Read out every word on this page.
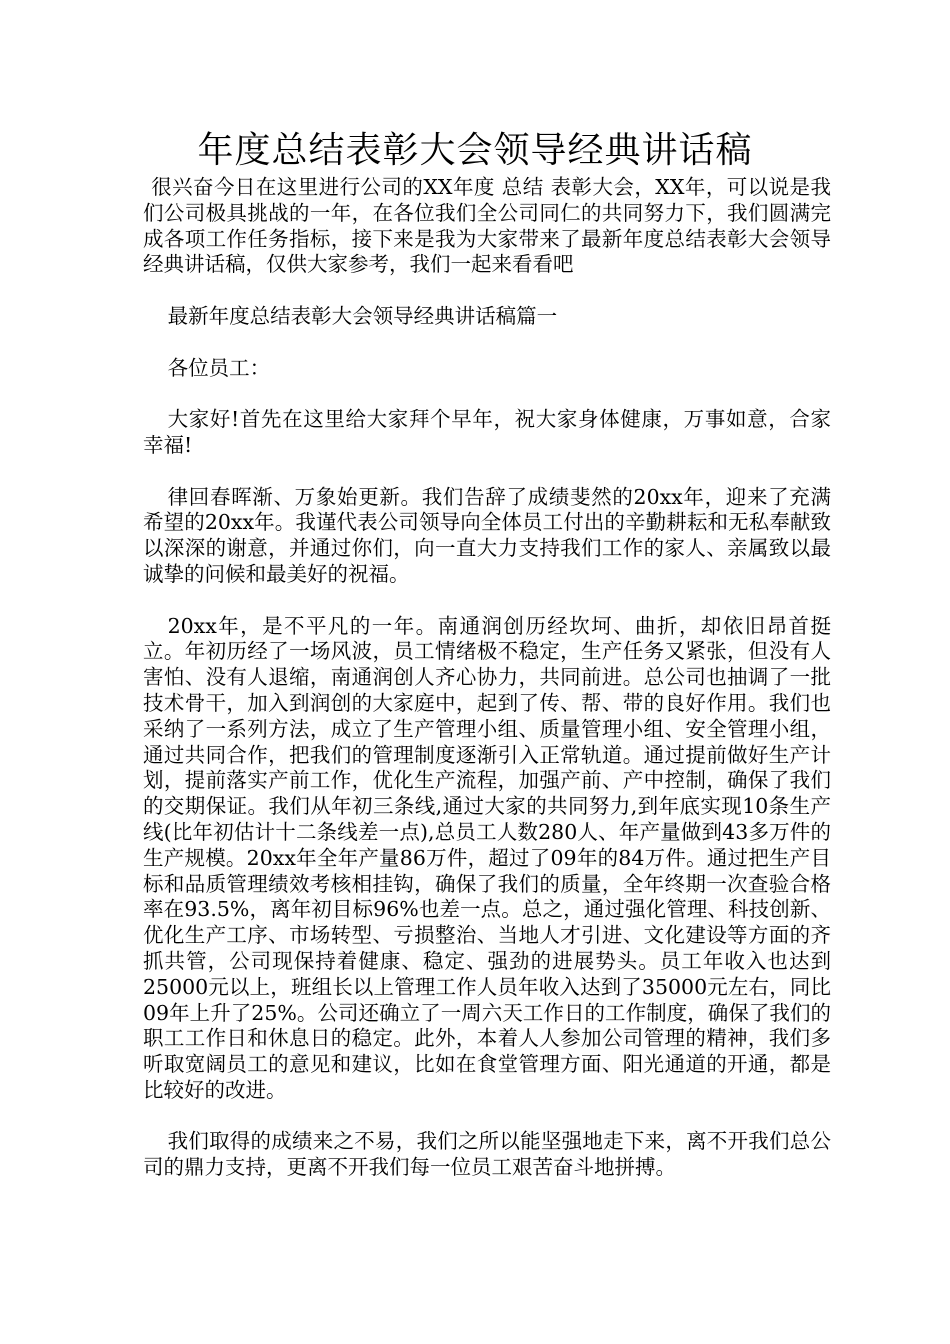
年度总结表彰大会领导经典讲话稿

很兴奋今日在这里进行公司的XX年度 总结 表彰大会，XX年，可以说是我们公司极具挑战的一年，在各位我们全公司同仁的共同努力下，我们圆满完成各项工作任务指标，接下来是我为大家带来了最新年度总结表彰大会领导经典讲话稿，仅供大家参考，我们一起来看看吧

最新年度总结表彰大会领导经典讲话稿篇一

各位员工：

大家好!首先在这里给大家拜个早年，祝大家身体健康，万事如意，合家幸福!

律回春晖渐、万象始更新。我们告辞了成绩斐然的20xx年，迎来了充满希望的20xx年。我谨代表公司领导向全体员工付出的辛勤耕耘和无私奉献致以深深的谢意，并通过你们，向一直大力支持我们工作的家人、亲属致以最诚挚的问候和最美好的祝福。

20xx年，是不平凡的一年。南通润创历经坎坷、曲折，却依旧昂首挺立。年初历经了一场风波，员工情绪极不稳定，生产任务又紧张，但没有人害怕、没有人退缩，南通润创人齐心协力，共同前进。总公司也抽调了一批技术骨干，加入到润创的大家庭中，起到了传、帮、带的良好作用。我们也采纳了一系列方法，成立了生产管理小组、质量管理小组、安全管理小组，通过共同合作，把我们的管理制度逐渐引入正常轨道。通过提前做好生产计划，提前落实产前工作，优化生产流程，加强产前、产中控制，确保了我们的交期保证。我们从年初三条线,通过大家的共同努力,到年底实现10条生产线(比年初估计十二条线差一点),总员工人数280人、年产量做到43多万件的生产规模。20xx年全年产量86万件，超过了09年的84万件。通过把生产目标和品质管理绩效考核相挂钩，确保了我们的质量，全年终期一次查验合格率在93.5%，离年初目标96%也差一点。总之，通过强化管理、科技创新、优化生产工序、市场转型、亏损整治、当地人才引进、文化建设等方面的齐抓共管，公司现保持着健康、稳定、强劲的进展势头。员工年收入也达到25000元以上，班组长以上管理工作人员年收入达到了35000元左右，同比09年上升了25%。公司还确立了一周六天工作日的工作制度，确保了我们的职工工作日和休息日的稳定。此外，本着人人参加公司管理的精神，我们多听取宽阔员工的意见和建议，比如在食堂管理方面、阳光通道的开通，都是比较好的改进。

我们取得的成绩来之不易，我们之所以能坚强地走下来，离不开我们总公司的鼎力支持，更离不开我们每一位员工艰苦奋斗地拼搏。
